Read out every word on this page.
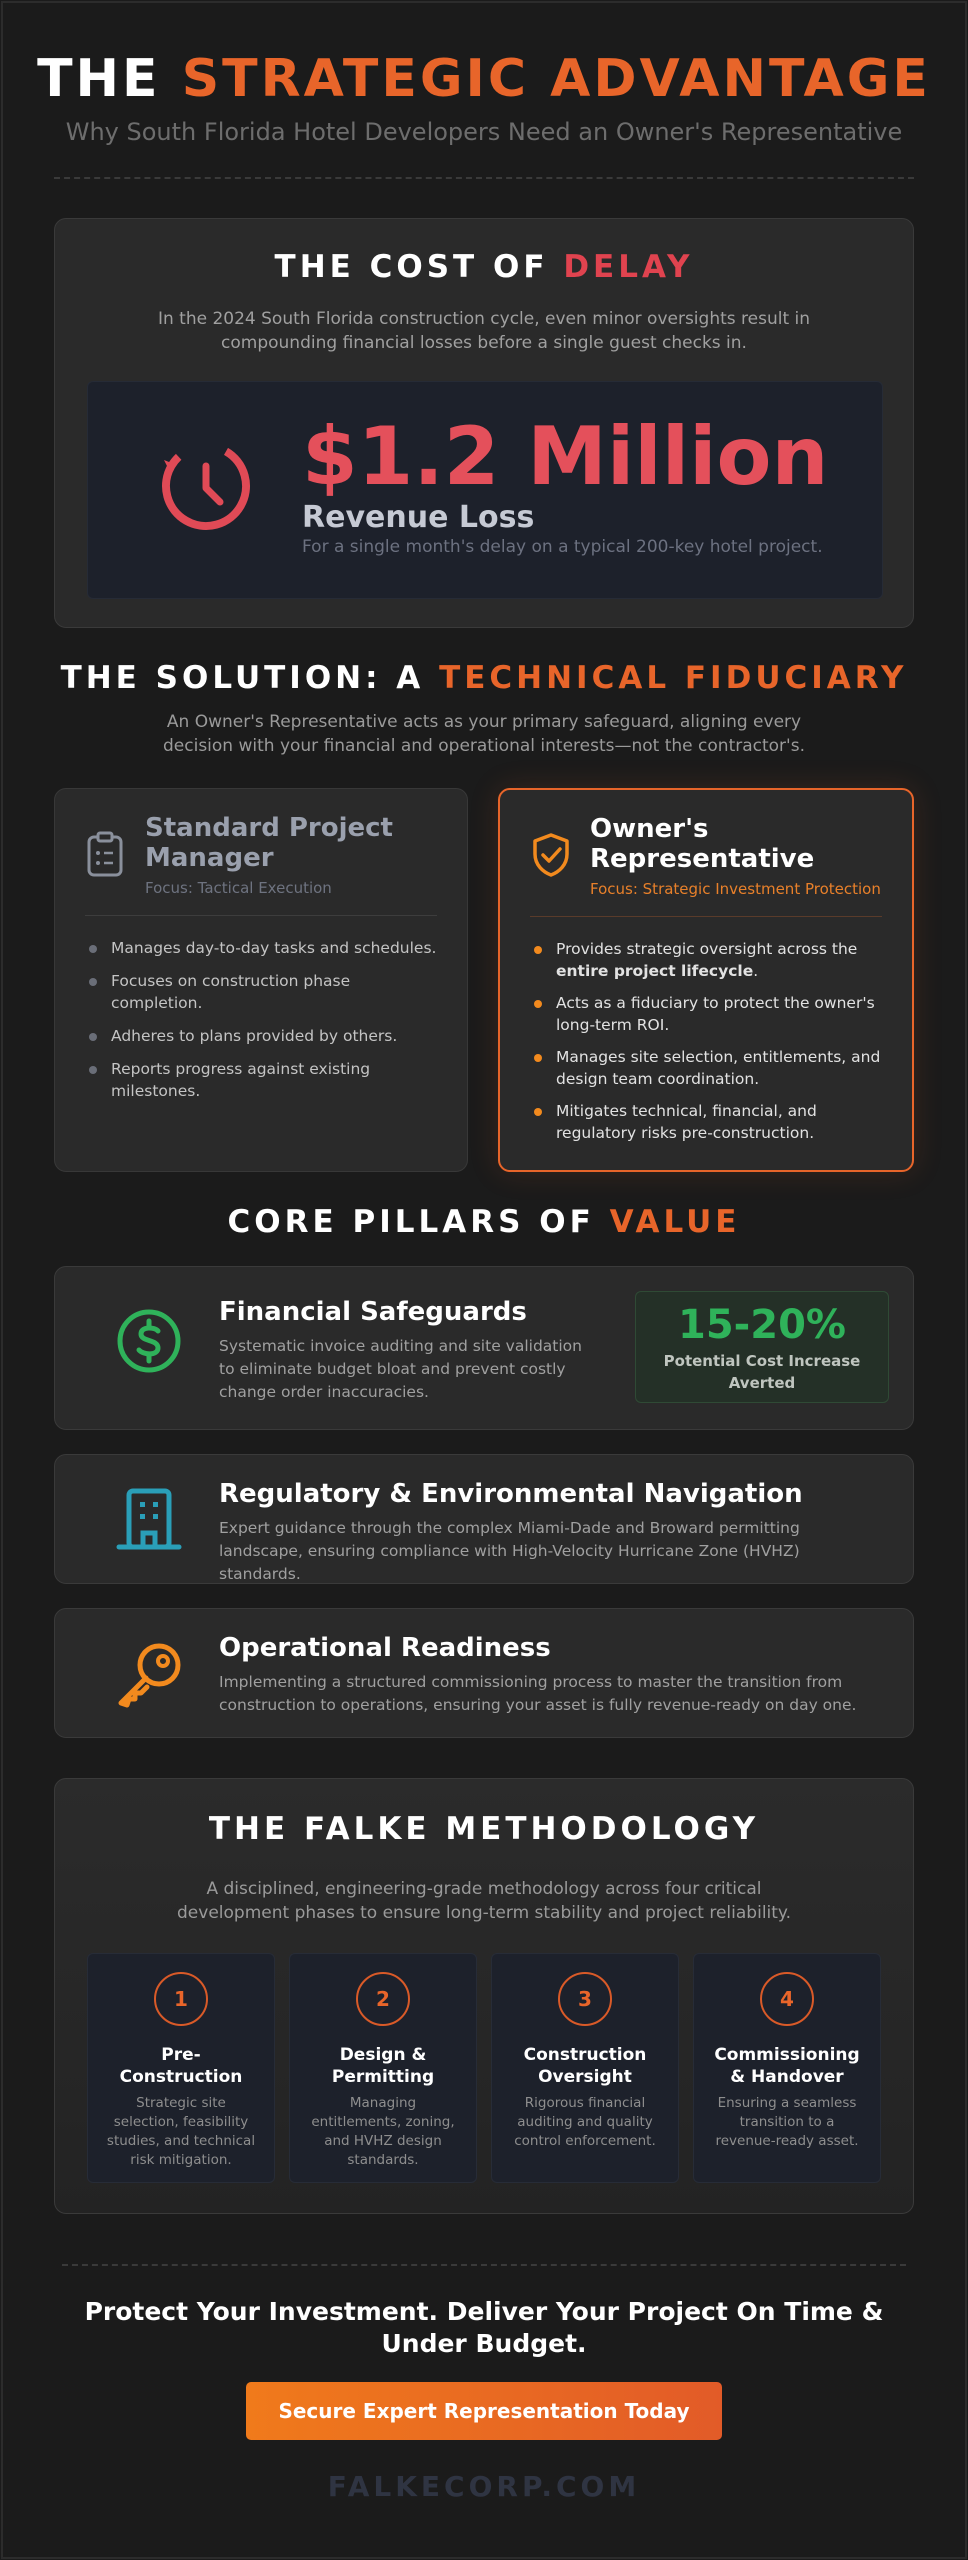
THE STRATEGIC ADVANTAGE
Why South Florida Hotel Developers Need an Owner's Representative
THE COST OF DELAY

In the 2024 South Florida construction cycle, even minor oversights result in compounding financial losses before a single guest checks in.

$1.2 Million
Revenue Loss
For a single month's delay on a typical 200-key hotel project.
THE SOLUTION: A TECHNICAL FIDUCIARY

An Owner's Representative acts as your primary safeguard, aligning every decision with your financial and operational interests—not the contractor's.

Standard Project Manager
Focus: Tactical Execution
Manages day-to-day tasks and schedules.
Focuses on construction phase completion.
Adheres to plans provided by others.
Reports progress against existing milestones.
Owner's Representative
Focus: Strategic Investment Protection
Provides strategic oversight across the entire project lifecycle.
Acts as a fiduciary to protect the owner's long-term ROI.
Manages site selection, entitlements, and design team coordination.
Mitigates technical, financial, and regulatory risks pre-construction.
CORE PILLARS OF VALUE
Financial Safeguards

Systematic invoice auditing and site validation to eliminate budget bloat and prevent costly change order inaccuracies.

15-20%
Potential Cost Increase Averted
Regulatory & Environmental Navigation

Expert guidance through the complex Miami-Dade and Broward permitting landscape, ensuring compliance with High-Velocity Hurricane Zone (HVHZ) standards.

Operational Readiness

Implementing a structured commissioning process to master the transition from construction to operations, ensuring your asset is fully revenue-ready on day one.

THE FALKE METHODOLOGY

A disciplined, engineering-grade methodology across four critical development phases to ensure long-term stability and project reliability.

1
Pre-Construction
Strategic site selection, feasibility studies, and technical risk mitigation.
2
Design & Permitting
Managing entitlements, zoning, and HVHZ design standards.
3
Construction Oversight
Rigorous financial auditing and quality control enforcement.
4
Commissioning & Handover
Ensuring a seamless transition to a revenue-ready asset.
Protect Your Investment. Deliver Your Project On Time & Under Budget.
Secure Expert Representation Today
FALKECORP.COM
